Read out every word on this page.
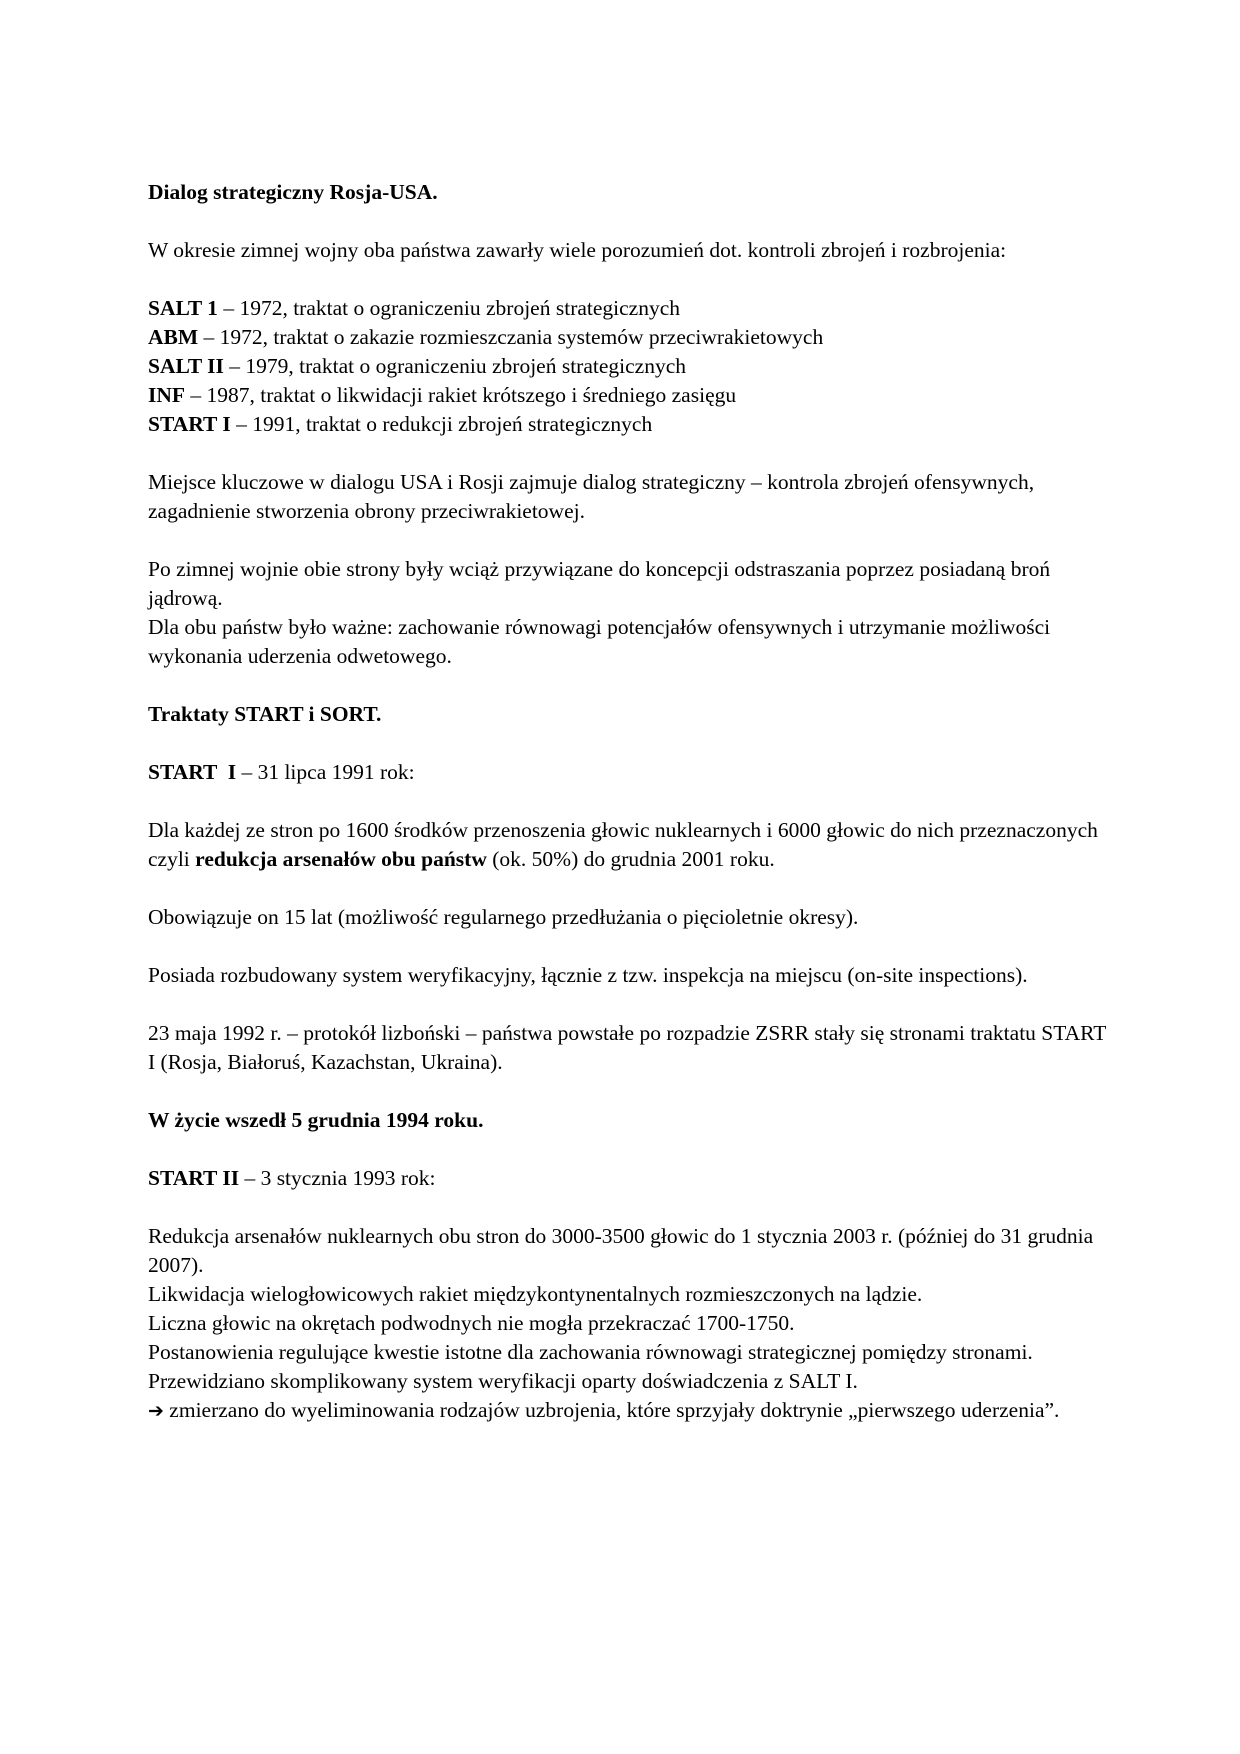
Dialog strategiczny Rosja-USA.

W okresie zimnej wojny oba państwa zawarły wiele porozumień dot. kontroli zbrojeń i rozbrojenia:

SALT 1 – 1972, traktat o ograniczeniu zbrojeń strategicznych
ABM – 1972, traktat o zakazie rozmieszczania systemów przeciwrakietowych
SALT II – 1979, traktat o ograniczeniu zbrojeń strategicznych
INF – 1987, traktat o likwidacji rakiet krótszego i średniego zasięgu
START I – 1991, traktat o redukcji zbrojeń strategicznych

Miejsce kluczowe w dialogu USA i Rosji zajmuje dialog strategiczny – kontrola zbrojeń ofensywnych, zagadnienie stworzenia obrony przeciwrakietowej.

Po zimnej wojnie obie strony były wciąż przywiązane do koncepcji odstraszania poprzez posiadaną broń jądrową.
Dla obu państw było ważne: zachowanie równowagi potencjałów ofensywnych i utrzymanie możliwości wykonania uderzenia odwetowego.

Traktaty START i SORT.

START  I – 31 lipca 1991 rok:

Dla każdej ze stron po 1600 środków przenoszenia głowic nuklearnych i 6000 głowic do nich przeznaczonych czyli redukcja arsenałów obu państw (ok. 50%) do grudnia 2001 roku.

Obowiązuje on 15 lat (możliwość regularnego przedłużania o pięcioletnie okresy).

Posiada rozbudowany system weryfikacyjny, łącznie z tzw. inspekcja na miejscu (on-site inspections).

23 maja 1992 r. – protokół lizboński – państwa powstałe po rozpadzie ZSRR stały się stronami traktatu START I (Rosja, Białoruś, Kazachstan, Ukraina).

W życie wszedł 5 grudnia 1994 roku.

START II – 3 stycznia 1993 rok:

Redukcja arsenałów nuklearnych obu stron do 3000-3500 głowic do 1 stycznia 2003 r. (później do 31 grudnia 2007).
Likwidacja wielogłowicowych rakiet międzykontynentalnych rozmieszczonych na lądzie.
Liczna głowic na okrętach podwodnych nie mogła przekraczać 1700-1750.
Postanowienia regulujące kwestie istotne dla zachowania równowagi strategicznej pomiędzy stronami.
Przewidziano skomplikowany system weryfikacji oparty doświadczenia z SALT I.
➔ zmierzano do wyeliminowania rodzajów uzbrojenia, które sprzyjały doktrynie „pierwszego uderzenia”.
